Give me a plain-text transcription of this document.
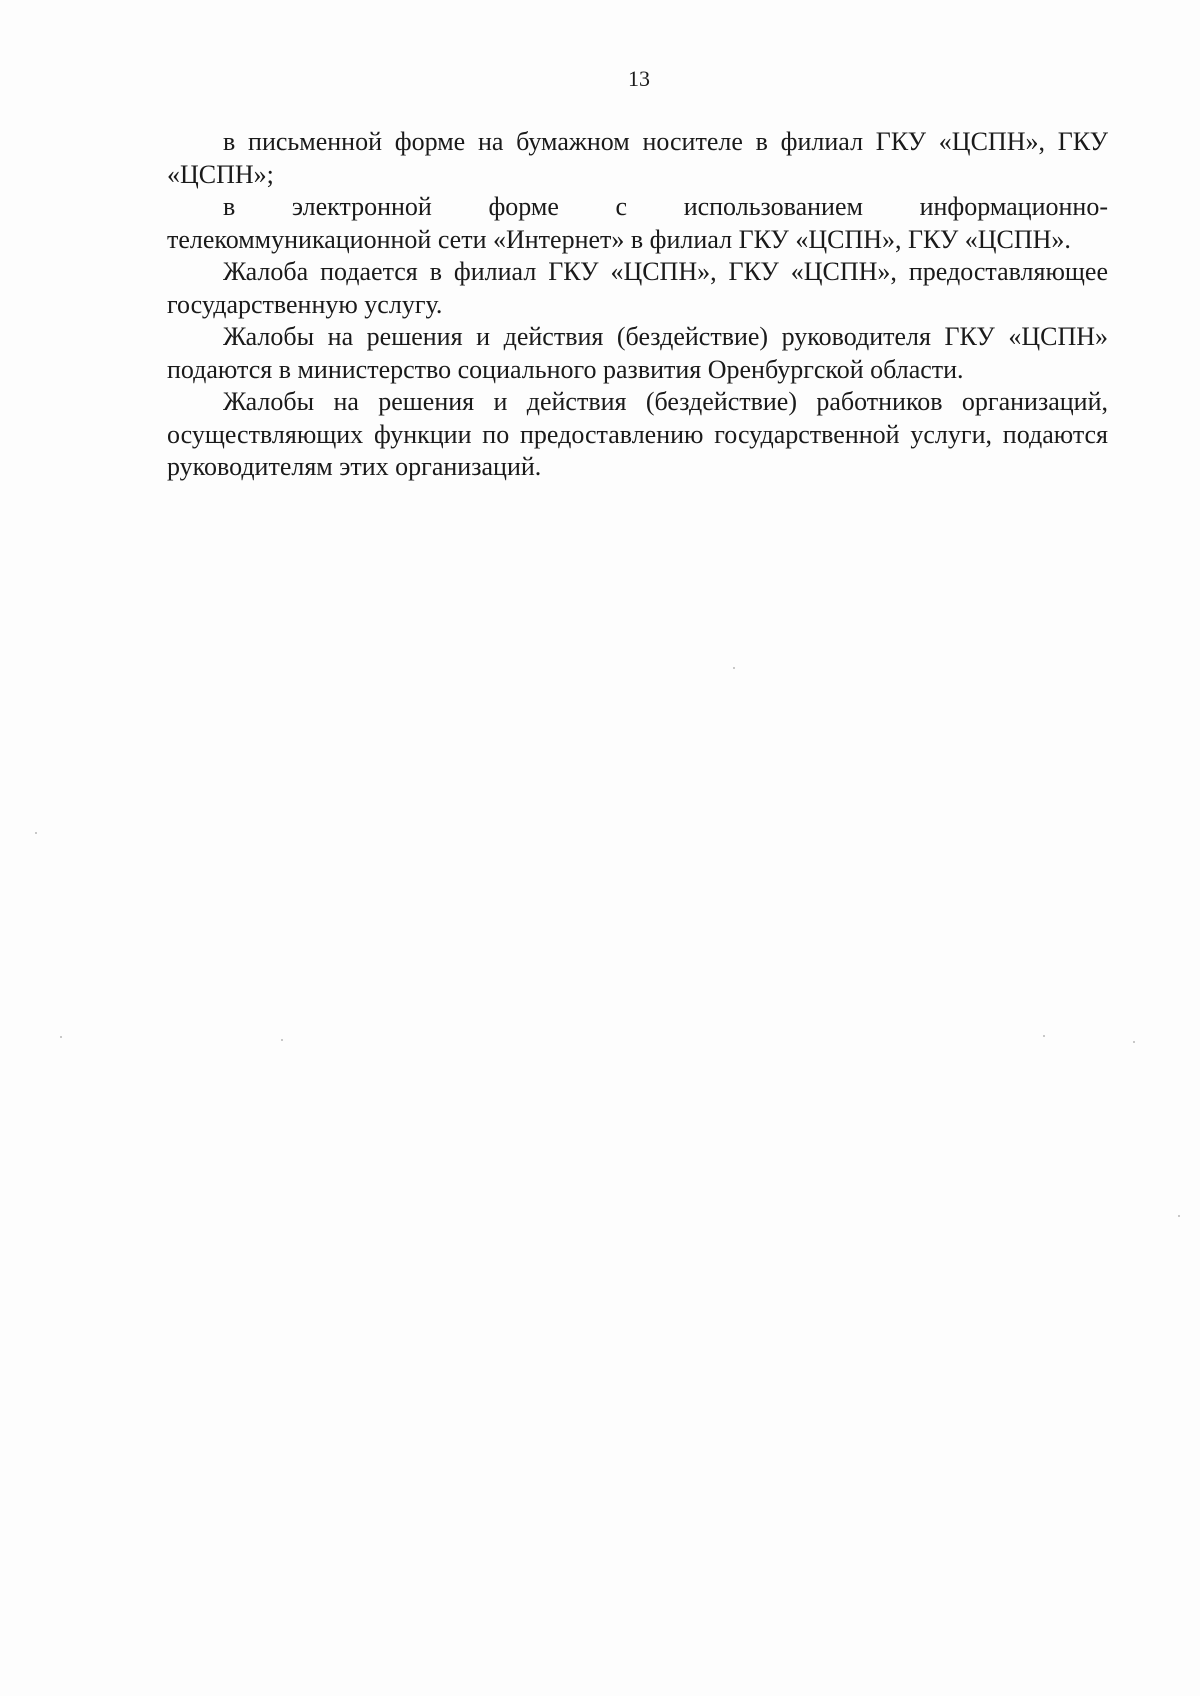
13

в письменной форме на бумажном носителе в филиал ГКУ «ЦСПН», ГКУ «ЦСПН»;

в электронной форме с использованием информационно-телекоммуникационной сети «Интернет» в филиал ГКУ «ЦСПН», ГКУ «ЦСПН».

Жалоба подается в филиал ГКУ «ЦСПН», ГКУ «ЦСПН», предоставляющее государственную услугу.

Жалобы на решения и действия (бездействие) руководителя ГКУ «ЦСПН» подаются в министерство социального развития Оренбургской области.

Жалобы на решения и действия (бездействие) работников организаций, осуществляющих функции по предоставлению государственной услуги, подаются руководителям этих организаций.
